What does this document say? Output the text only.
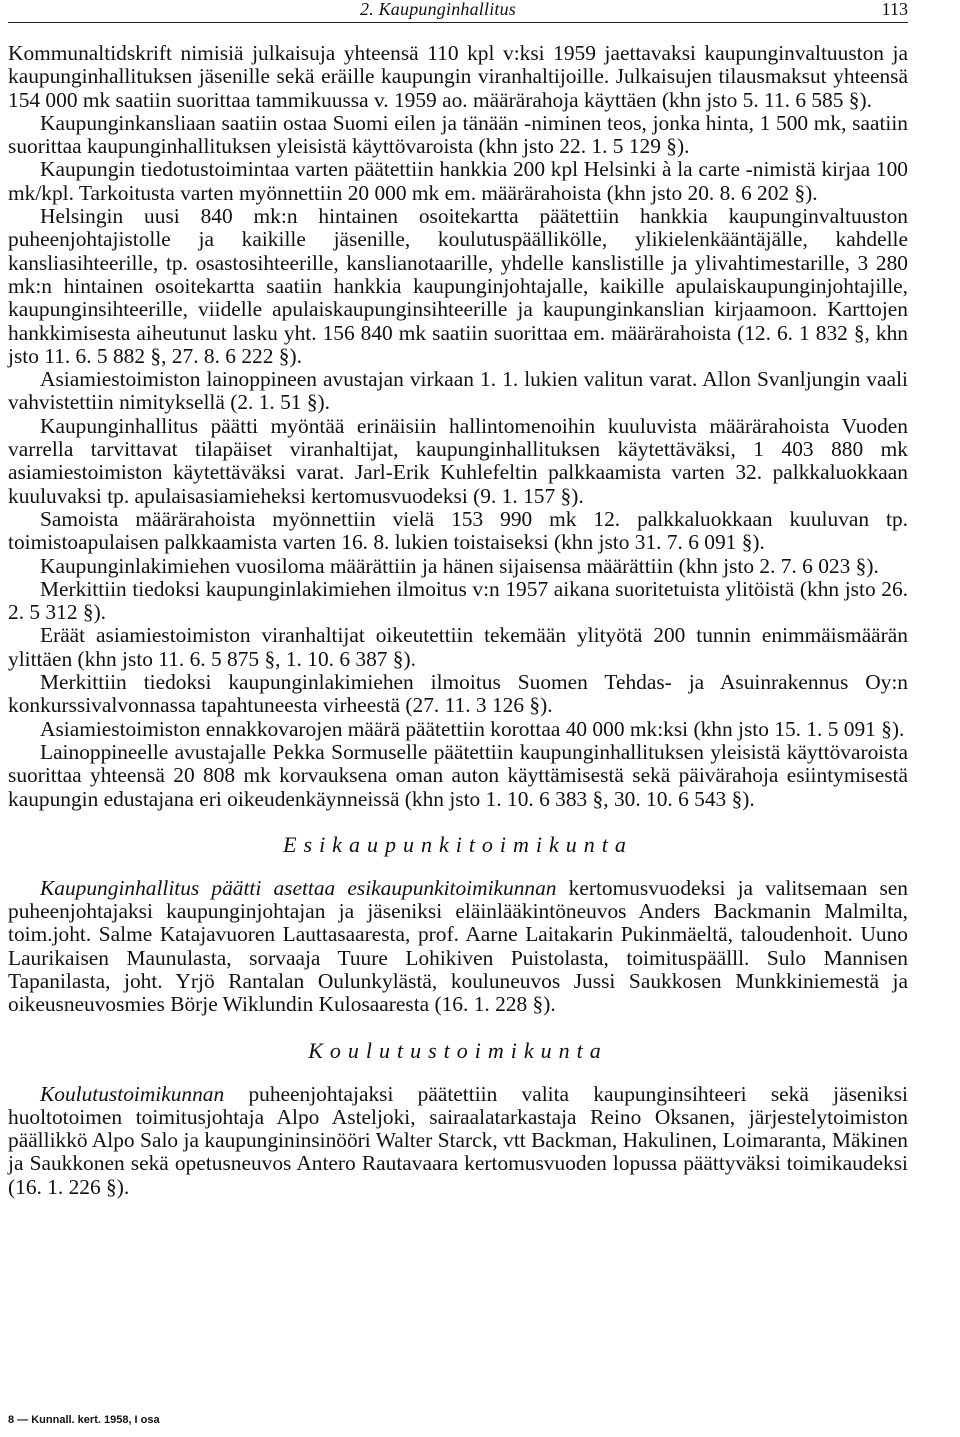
2. Kaupunginhallitus	113

Kommunaltidskrift nimisiä julkaisuja yhteensä 110 kpl v:ksi 1959 jaettavaksi kaupunginvaltuuston ja kaupunginhallituksen jäsenille sekä eräille kaupungin viranhaltijoille. Julkaisujen tilausmaksut yhteensä 154 000 mk saatiin suorittaa tammikuussa v. 1959 ao. määrärahoja käyttäen (khn jsto 5. 11. 6 585 §).

Kaupunginkansliaan saatiin ostaa Suomi eilen ja tänään -niminen teos, jonka hinta, 1 500 mk, saatiin suorittaa kaupunginhallituksen yleisistä käyttövaroista (khn jsto 22. 1. 5 129 §).

Kaupungin tiedotustoimintaa varten päätettiin hankkia 200 kpl Helsinki à la carte -nimistä kirjaa 100 mk/kpl. Tarkoitusta varten myönnettiin 20 000 mk em. määrärahoista (khn jsto 20. 8. 6 202 §).

Helsingin uusi 840 mk:n hintainen osoitekartta päätettiin hankkia kaupunginvaltuuston puheenjohtajistolle ja kaikille jäsenille, koulutuspäällikölle, ylikielenkääntäjälle, kahdelle kansliasihteerille, tp. osastosihteerille, kanslianotaarille, yhdelle kanslistille ja ylivahtimestarille, 3 280 mk:n hintainen osoitekartta saatiin hankkia kaupunginjohtajalle, kaikille apulaiskaupunginjohtajille, kaupunginsihteerille, viidelle apulaiskaupunginsihteerille ja kaupunginkanslian kirjaamoon. Karttojen hankkimisesta aiheutunut lasku yht. 156 840 mk saatiin suorittaa em. määrärahoista (12. 6. 1 832 §, khn jsto 11. 6. 5 882 §, 27. 8. 6 222 §).

Asiamiestoimiston lainoppineen avustajan virkaan 1. 1. lukien valitun varat. Allon Svanljungin vaali vahvistettiin nimityksellä (2. 1. 51 §).

Kaupunginhallitus päätti myöntää erinäisiin hallintomenoihin kuuluvista määrärahoista Vuoden varrella tarvittavat tilapäiset viranhaltijat, kaupunginhallituksen käytettäväksi, 1 403 880 mk asiamiestoimiston käytettäväksi varat. Jarl-Erik Kuhlefeltin palkkaamista varten 32. palkkaluokkaan kuuluvaksi tp. apulaisasiamieheksi kertomusvuodeksi (9. 1. 157 §).

Samoista määrärahoista myönnettiin vielä 153 990 mk 12. palkkaluokkaan kuuluvan tp. toimistoapulaisen palkkaamista varten 16. 8. lukien toistaiseksi (khn jsto 31. 7. 6 091 §).

Kaupunginlakimiehen vuosiloma määrättiin ja hänen sijaisensa määrättiin (khn jsto 2. 7. 6 023 §).

Merkittiin tiedoksi kaupunginlakimiehen ilmoitus v:n 1957 aikana suoritetuista ylitöistä (khn jsto 26. 2. 5 312 §).

Eräät asiamiestoimiston viranhaltijat oikeutettiin tekemään ylityötä 200 tunnin enimmäismäärän ylittäen (khn jsto 11. 6. 5 875 §, 1. 10. 6 387 §).

Merkittiin tiedoksi kaupunginlakimiehen ilmoitus Suomen Tehdas- ja Asuinrakennus Oy:n konkurssivalvonnassa tapahtuneesta virheestä (27. 11. 3 126 §).

Asiamiestoimiston ennakkovarojen määrä päätettiin korottaa 40 000 mk:ksi (khn jsto 15. 1. 5 091 §).

Lainoppineelle avustajalle Pekka Sormuselle päätettiin kaupunginhallituksen yleisistä käyttövaroista suorittaa yhteensä 20 808 mk korvauksena oman auton käyttämisestä sekä päivärahoja esiintymisestä kaupungin edustajana eri oikeudenkäynneissä (khn jsto 1. 10. 6 383 §, 30. 10. 6 543 §).

Esikaupunkitoimikunta

Kaupunginhallitus päätti asettaa esikaupunkitoimikunnan kertomusvuodeksi ja valitsemaan sen puheenjohtajaksi kaupunginjohtajan ja jäseniksi eläinlääkintöneuvos Anders Backmanin Malmilta, toim.joht. Salme Katajavuoren Lauttasaaresta, prof. Aarne Laitakarin Pukinmäeltä, taloudenhoit. Uuno Laurikaisen Maunulasta, sorvaaja Tuure Lohikiven Puistolasta, toimituspäälll. Sulo Mannisen Tapanilasta, joht. Yrjö Rantalan Oulunkylästä, kouluneuvos Jussi Saukkosen Munkkiniemestä ja oikeusneuvosmies Börje Wiklundin Kulosaaresta (16. 1. 228 §).

Koulutustoimikunta

Koulutustoimikunnan puheenjohtajaksi päätettiin valita kaupunginsihteeri sekä jäseniksi huoltotoimen toimitusjohtaja Alpo Asteljoki, sairaalatarkastaja Reino Oksanen, järjestelytoimiston päällikkö Alpo Salo ja kaupungininsinööri Walter Starck, vtt Backman, Hakulinen, Loimaranta, Mäkinen ja Saukkonen sekä opetusneuvos Antero Rautavaara kertomusvuoden lopussa päättyväksi toimikaudeksi (16. 1. 226 §).

8 — Kunnall. kert. 1958, I osa
